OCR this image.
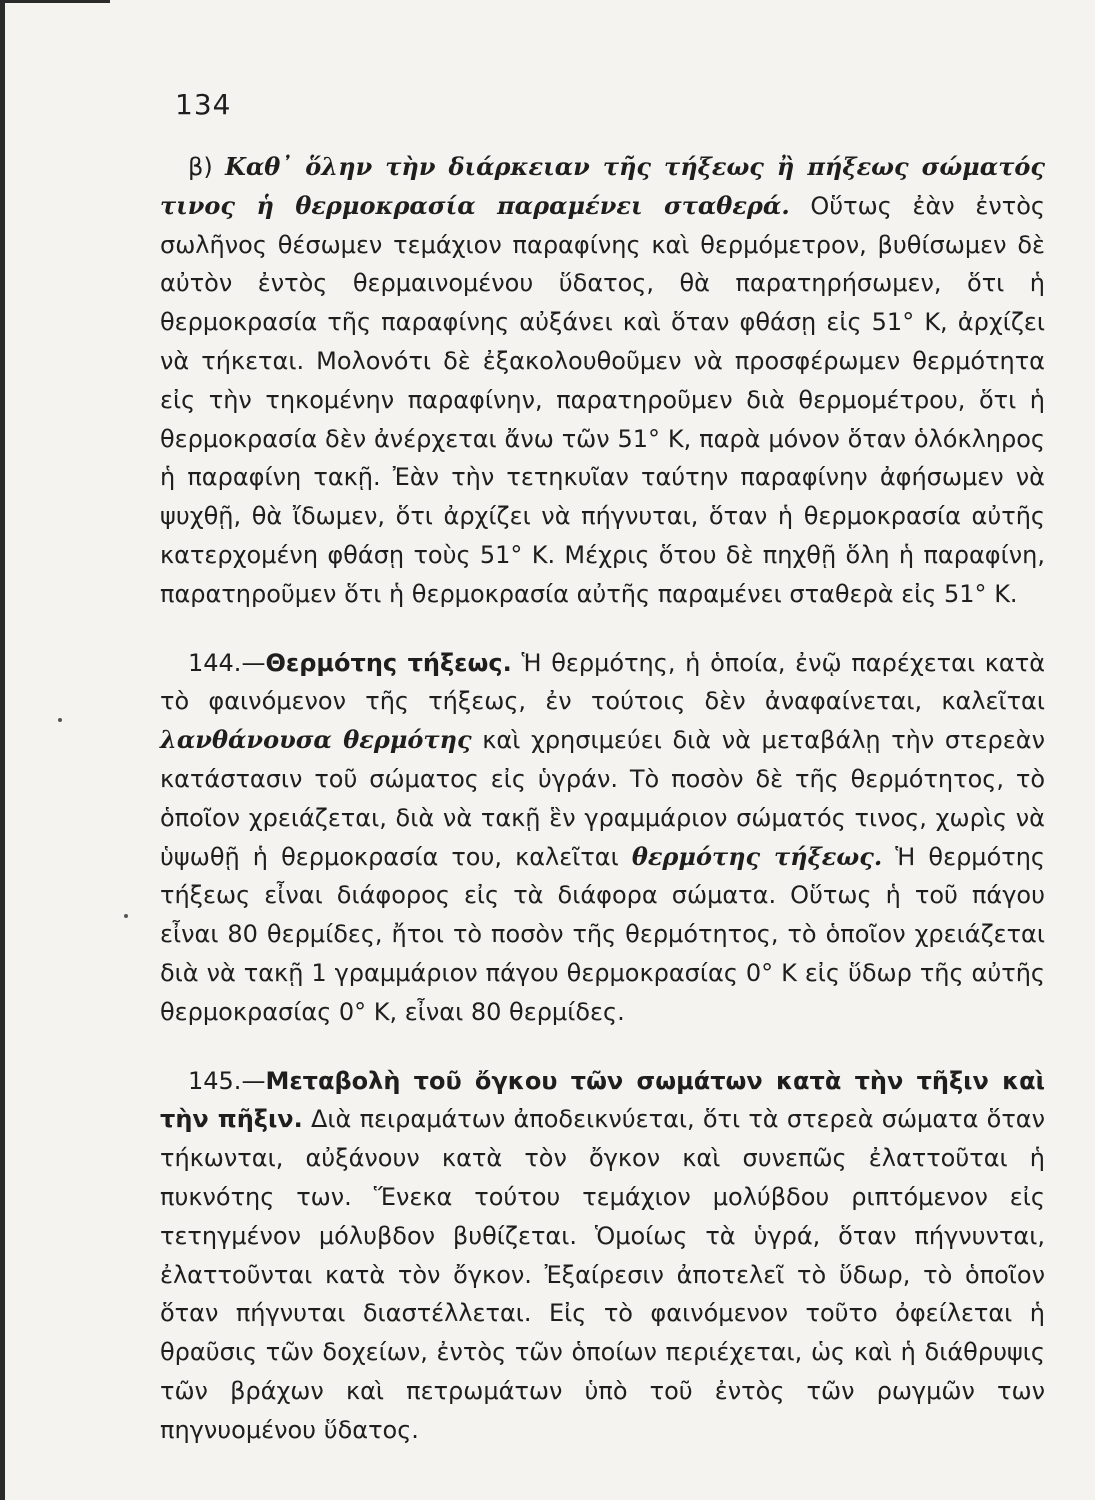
134

β) Καθ᾽ ὅλην τὴν διάρκειαν τῆς τήξεως ἢ πήξεως σώματός τινος ἡ θερμοκρασία παραμένει σταθερά. Οὕτως ἐὰν ἐντὸς σωλῆνος θέσωμεν τεμάχιον παραφίνης καὶ θερμόμετρον, βυθίσωμεν δὲ αὐτὸν ἐντὸς θερμαινομένου ὕδατος, θὰ παρατηρήσωμεν, ὅτι ἡ θερμοκρασία τῆς παραφίνης αὐξάνει καὶ ὅταν φθάσῃ εἰς 51° Κ, ἀρχίζει νὰ τήκεται. Μολονότι δὲ ἐξακολουθοῦμεν νὰ προσφέρωμεν θερμότητα εἰς τὴν τηκομένην παραφίνην, παρατηροῦμεν διὰ θερμομέτρου, ὅτι ἡ θερμοκρασία δὲν ἀνέρχεται ἄνω τῶν 51° Κ, παρὰ μόνον ὅταν ὁλόκληρος ἡ παραφίνη τακῇ. Ἐὰν τὴν τετηκυῖαν ταύτην παραφίνην ἀφήσωμεν νὰ ψυχθῇ, θὰ ἴδωμεν, ὅτι ἀρχίζει νὰ πήγνυται, ὅταν ἡ θερμοκρασία αὐτῆς κατερχομένη φθάσῃ τοὺς 51° Κ. Μέχρις ὅτου δὲ πηχθῇ ὅλη ἡ παραφίνη, παρατηροῦμεν ὅτι ἡ θερμοκρασία αὐτῆς παραμένει σταθερὰ εἰς 51° Κ.

144.—Θερμότης τήξεως. Ἡ θερμότης, ἡ ὁποία, ἐνῷ παρέχεται κατὰ τὸ φαινόμενον τῆς τήξεως, ἐν τούτοις δὲν ἀναφαίνεται, καλεῖται λανθάνουσα θερμότης καὶ χρησιμεύει διὰ νὰ μεταβάλῃ τὴν στερεὰν κατάστασιν τοῦ σώματος εἰς ὑγράν. Τὸ ποσὸν δὲ τῆς θερμότητος, τὸ ὁποῖον χρειάζεται, διὰ νὰ τακῇ ἓν γραμμάριον σώματός τινος, χωρὶς νὰ ὑψωθῇ ἡ θερμοκρασία του, καλεῖται θερμότης τήξεως. Ἡ θερμότης τήξεως εἶναι διάφορος εἰς τὰ διάφορα σώματα. Οὕτως ἡ τοῦ πάγου εἶναι 80 θερμίδες, ἤτοι τὸ ποσὸν τῆς θερμότητος, τὸ ὁποῖον χρειάζεται διὰ νὰ τακῇ 1 γραμμάριον πάγου θερμοκρασίας 0° Κ εἰς ὕδωρ τῆς αὐτῆς θερμοκρασίας 0° Κ, εἶναι 80 θερμίδες.

145.—Μεταβολὴ τοῦ ὄγκου τῶν σωμάτων κατὰ τὴν τῆξιν καὶ τὴν πῆξιν. Διὰ πειραμάτων ἀποδεικνύεται, ὅτι τὰ στερεὰ σώματα ὅταν τήκωνται, αὐξάνουν κατὰ τὸν ὄγκον καὶ συνεπῶς ἐλαττοῦται ἡ πυκνότης των. Ἕνεκα τούτου τεμάχιον μολύβδου ριπτόμενον εἰς τετηγμένον μόλυβδον βυθίζεται. Ὁμοίως τὰ ὑγρά, ὅταν πήγνυνται, ἐλαττοῦνται κατὰ τὸν ὄγκον. Ἐξαίρεσιν ἀποτελεῖ τὸ ὕδωρ, τὸ ὁποῖον ὅταν πήγνυται διαστέλλεται. Εἰς τὸ φαινόμενον τοῦτο ὀφείλεται ἡ θραῦσις τῶν δοχείων, ἐντὸς τῶν ὁποίων περιέχεται, ὡς καὶ ἡ διάθρυψις τῶν βράχων καὶ πετρωμάτων ὑπὸ τοῦ ἐντὸς τῶν ρωγμῶν των πηγνυομένου ὕδατος.
